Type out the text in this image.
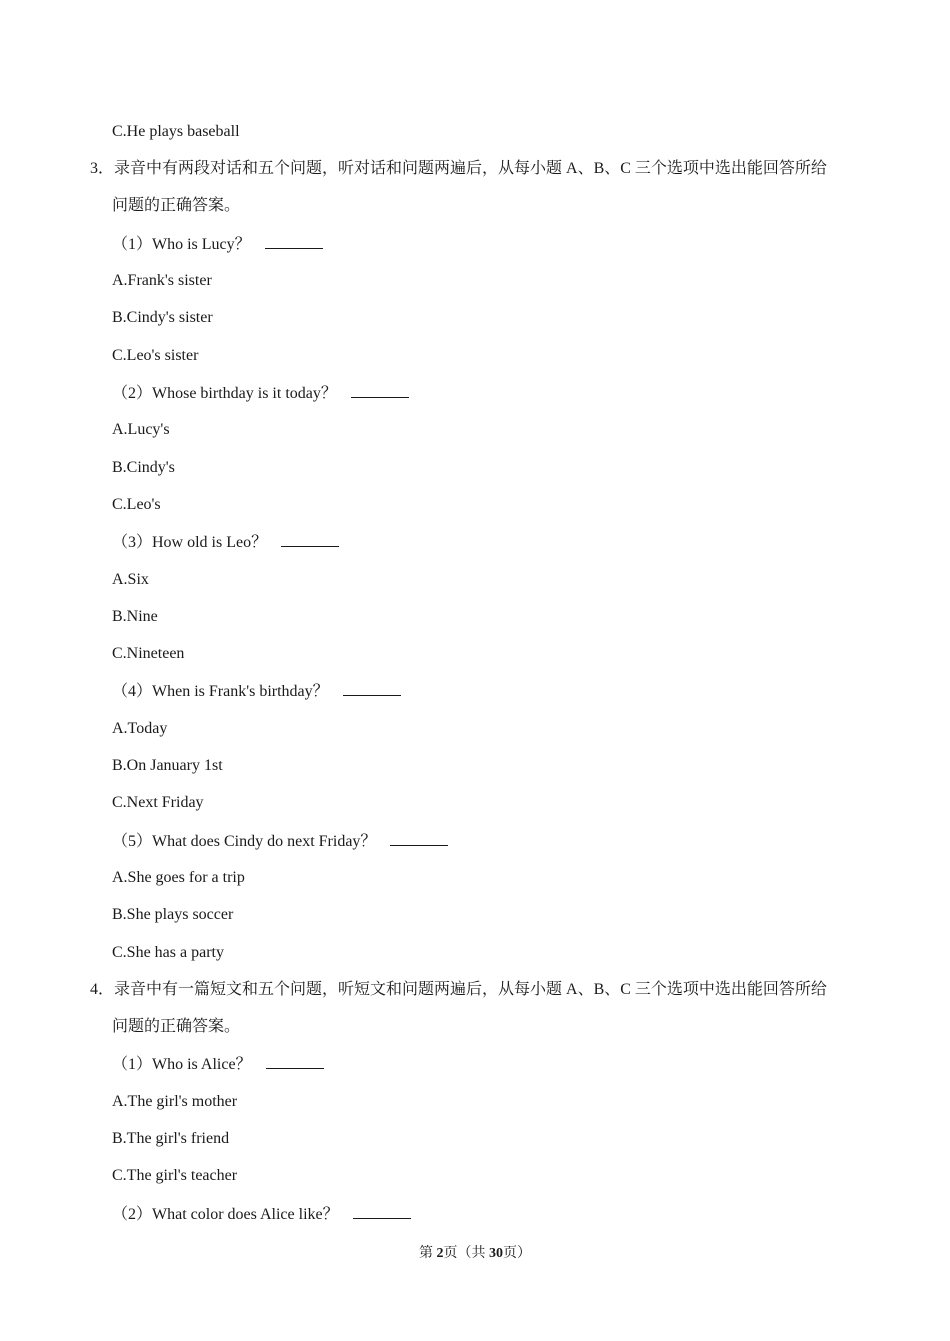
C.He plays baseball
3．录音中有两段对话和五个问题，听对话和问题两遍后，从每小题 A、B、C 三个选项中选出能回答所给
问题的正确答案。
（1）Who is Lucy？
A.Frank's sister
B.Cindy's sister
C.Leo's sister
（2）Whose birthday is it today？
A.Lucy's
B.Cindy's
C.Leo's
（3）How old is Leo？
A.Six
B.Nine
C.Nineteen
（4）When is Frank's birthday？
A.Today
B.On January 1st
C.Next Friday
（5）What does Cindy do next Friday？
A.She goes for a trip
B.She plays soccer
C.She has a party
4．录音中有一篇短文和五个问题，听短文和问题两遍后，从每小题 A、B、C 三个选项中选出能回答所给
问题的正确答案。
（1）Who is Alice？
A.The girl's mother
B.The girl's friend
C.The girl's teacher
（2）What color does Alice like？
第 2页（共 30页）
